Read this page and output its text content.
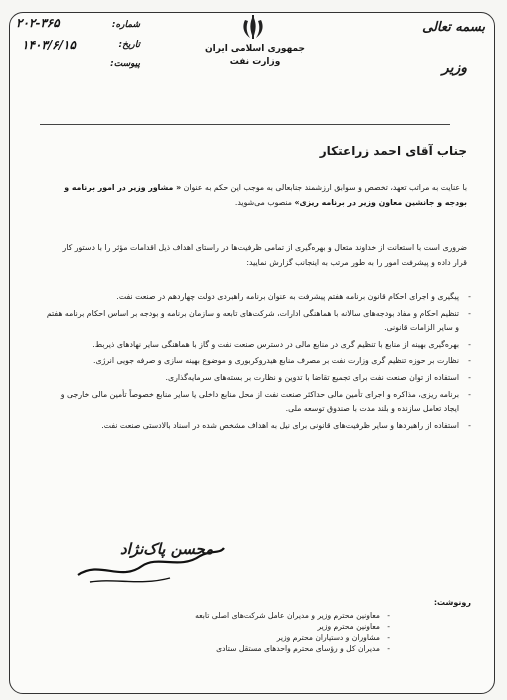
بسمه تعالی
وزیر
جمهوری اسلامی ایران
وزارت نفت
شماره:
۲۰۲-۳۶۵
تاریخ:
۱۴۰۳/۶/۱۵
پیوست:
جناب آقای احمد زراعتکار
با عنایت به مراتب تعهد، تخصص و سوابق ارزشمند جنابعالی به موجب این حکم به عنوان « مشاور وزیر در امور برنامه و بودجه و جانشین معاون وزیر در برنامه ریزی» منصوب می‌شوید.
ضروری است با استعانت از خداوند متعال و بهره‌گیری از تمامی ظرفیت‌ها در راستای اهداف ذیل اقدامات مؤثر را با دستور کار قرار داده و پیشرفت امور را به طور مرتب به اینجانب گزارش نمایید:
- پیگیری و اجرای احکام قانون برنامه هفتم پیشرفت به عنوان برنامه راهبردی دولت چهاردهم در صنعت نفت.
- تنظیم احکام و مفاد بودجه‌های سالانه با هماهنگی ادارات، شرکت‌های تابعه و سازمان برنامه و بودجه بر اساس احکام برنامه هفتم و سایر الزامات قانونی.
- بهره‌گیری بهینه از منابع با تنظیم گری در منابع مالی در دسترس صنعت نفت و گاز با هماهنگی سایر نهادهای ذیربط.
- نظارت بر حوزه تنظیم گری وزارت نفت بر مصرف منابع هیدروکربوری و موضوع بهینه سازی و صرفه جویی انرژی.
- استفاده از توان صنعت نفت برای تجمیع تقاضا با تدوین و نظارت بر بسته‌های سرمایه‌گذاری.
- برنامه ریزی، مذاکره و اجرای تأمین مالی حداکثر صنعت نفت از محل منابع داخلی یا سایر منابع خصوصاً تأمین مالی خارجی و ایجاد تعامل سازنده و بلند مدت با صندوق توسعه ملی.
- استفاده از راهبردها و سایر ظرفیت‌های قانونی برای نیل به اهداف مشخص شده در اسناد بالادستی صنعت نفت.
محسن پاک‌نژاد
رونوشت:
- معاونین محترم وزیر و مدیران عامل شرکت‌های اصلی تابعه
- معاونین محترم وزیر
- مشاوران و دستیاران محترم وزیر
- مدیران کل و رؤسای محترم واحدهای مستقل ستادی
